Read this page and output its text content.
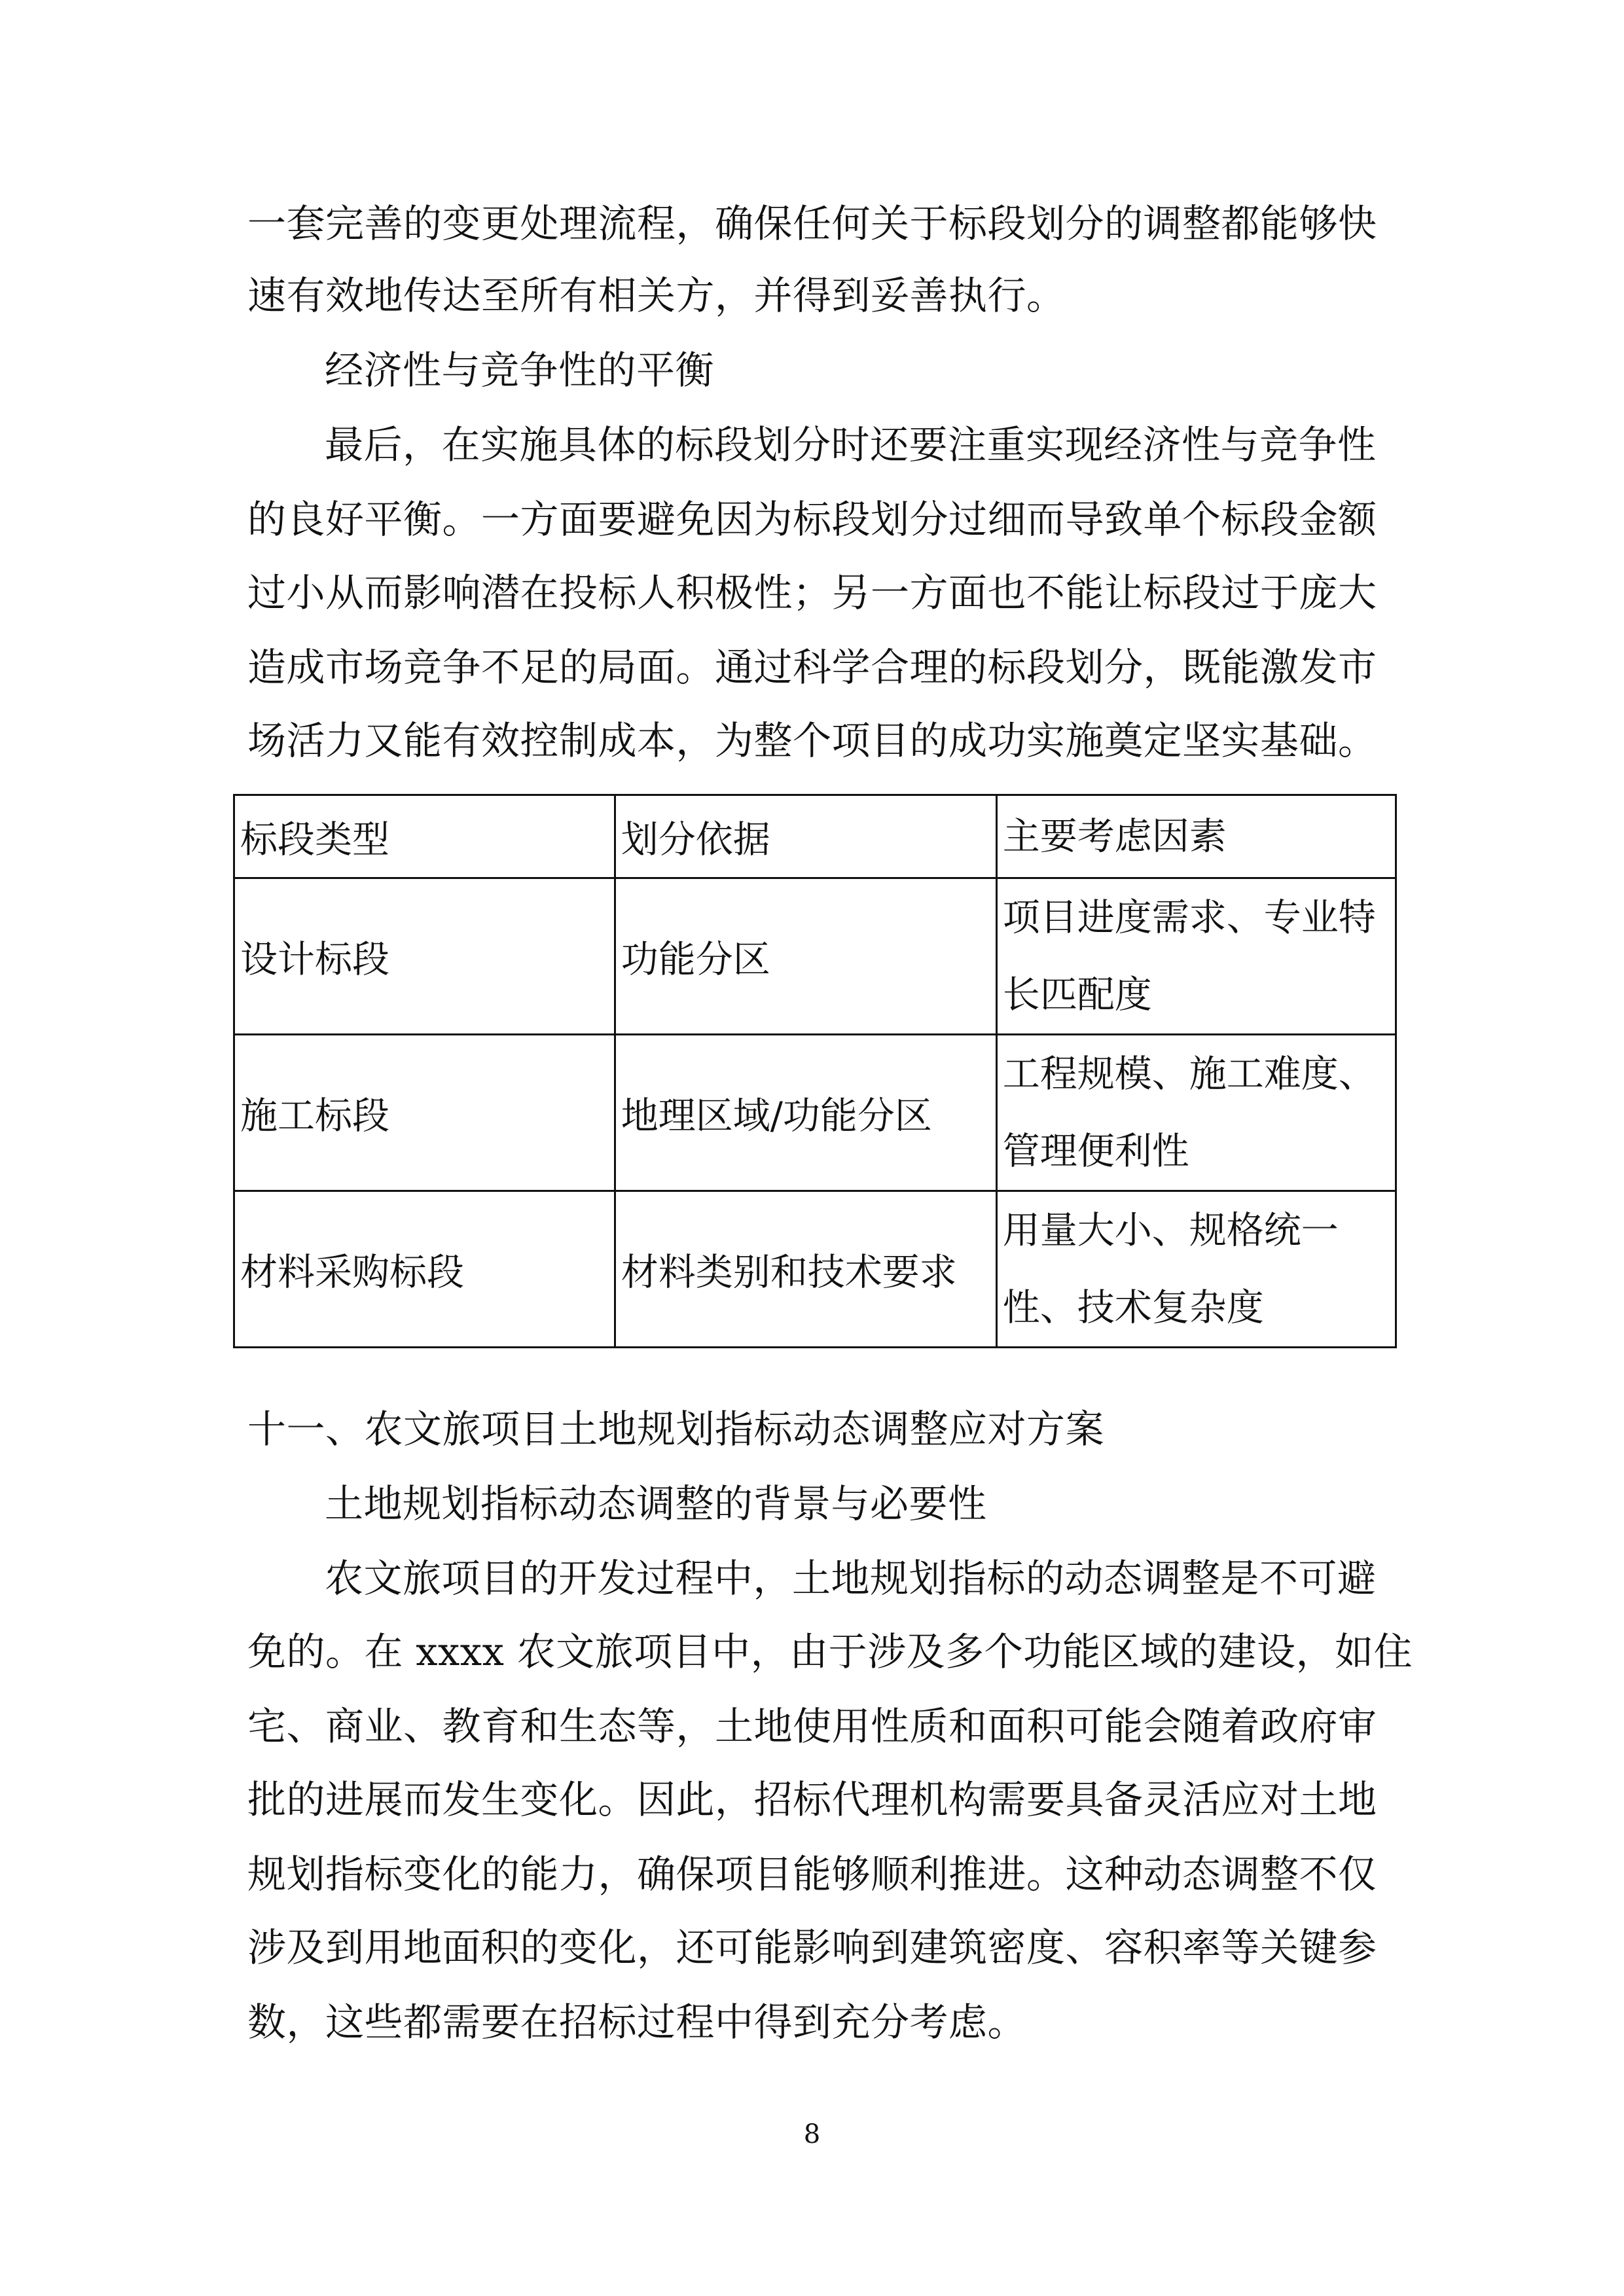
一套完善的变更处理流程，确保任何关于标段划分的调整都能够快
速有效地传达至所有相关方，并得到妥善执行。
经济性与竞争性的平衡
最后，在实施具体的标段划分时还要注重实现经济性与竞争性
的良好平衡。一方面要避免因为标段划分过细而导致单个标段金额
过小从而影响潜在投标人积极性；另一方面也不能让标段过于庞大
造成市场竞争不足的局面。通过科学合理的标段划分，既能激发市
场活力又能有效控制成本，为整个项目的成功实施奠定坚实基础。
标段类型	划分依据	主要考虑因素
设计标段	功能分区	项目进度需求、专业特
长匹配度

施工标段	地理区域/功能分区	工程规模、施工难度、
管理便利性

材料采购标段	材料类别和技术要求	用量大小、规格统一
性、技术复杂度
十一、农文旅项目土地规划指标动态调整应对方案
土地规划指标动态调整的背景与必要性
农文旅项目的开发过程中，土地规划指标的动态调整是不可避
免的。在 xxxx 农文旅项目中，由于涉及多个功能区域的建设，如住
宅、商业、教育和生态等，土地使用性质和面积可能会随着政府审
批的进展而发生变化。因此，招标代理机构需要具备灵活应对土地
规划指标变化的能力，确保项目能够顺利推进。这种动态调整不仅
涉及到用地面积的变化，还可能影响到建筑密度、容积率等关键参
数，这些都需要在招标过程中得到充分考虑。
8
